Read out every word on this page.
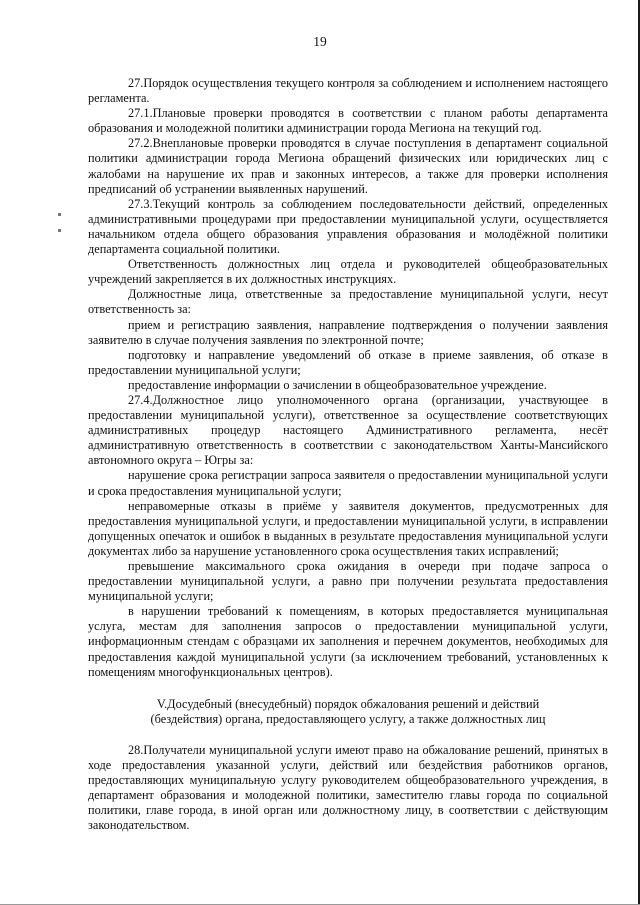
19

27.Порядок осуществления текущего контроля за соблюдением и исполнением настоящего регламента.

27.1.Плановые проверки проводятся в соответствии с планом работы департамента образования и молодежной политики администрации города Мегиона на текущий год.

27.2.Внеплановые проверки проводятся в случае поступления в департамент социальной политики администрации города Мегиона обращений физических или юридических лиц с жалобами на нарушение их прав и законных интересов, а также для проверки исполнения предписаний об устранении выявленных нарушений.

27.3.Текущий контроль за соблюдением последовательности действий, определенных административными процедурами при предоставлении муниципальной услуги, осуществляется начальником отдела общего образования управления образования и молодёжной политики департамента социальной политики.

Ответственность должностных лиц отдела и руководителей общеобразовательных учреждений закрепляется в их должностных инструкциях.

Должностные лица, ответственные за предоставление муниципальной услуги, несут ответственность за:

прием и регистрацию заявления, направление подтверждения о получении заявления заявителю в случае получения заявления по электронной почте;

подготовку и направление уведомлений об отказе в приеме заявления, об отказе в предоставлении муниципальной услуги;

предоставление информации о зачислении в общеобразовательное учреждение.

27.4.Должностное лицо уполномоченного органа (организации, участвующее в предоставлении муниципальной услуги), ответственное за осуществление соответствующих административных процедур настоящего Административного регламента, несёт административную ответственность в соответствии с законодательством Ханты-Мансийского автономного округа – Югры за:

нарушение срока регистрации запроса заявителя о предоставлении муниципальной услуги и срока предоставления муниципальной услуги;

неправомерные отказы в приёме у заявителя документов, предусмотренных для предоставления муниципальной услуги, и предоставлении муниципальной услуги, в исправлении допущенных опечаток и ошибок в выданных в результате предоставления муниципальной услуги документах либо за нарушение установленного срока осуществления таких исправлений;

превышение максимального срока ожидания в очереди при подаче запроса о предоставлении муниципальной услуги, а равно при получении результата предоставления муниципальной услуги;

в нарушении требований к помещениям, в которых предоставляется муниципальная услуга, местам для заполнения запросов о предоставлении муниципальной услуги, информационным стендам с образцами их заполнения и перечнем документов, необходимых для предоставления каждой муниципальной услуги (за исключением требований, установленных к помещениям многофункциональных центров).

V.Досудебный (внесудебный) порядок обжалования решений и действий
(бездействия) органа, предоставляющего услугу, а также должностных лиц

28.Получатели муниципальной услуги имеют право на обжалование решений, принятых в ходе предоставления указанной услуги, действий или бездействия работников органов, предоставляющих муниципальную услугу руководителем общеобразовательного учреждения, в департамент образования и молодежной политики, заместителю главы города по социальной политики, главе города, в иной орган или должностному лицу, в соответствии с действующим законодательством.
